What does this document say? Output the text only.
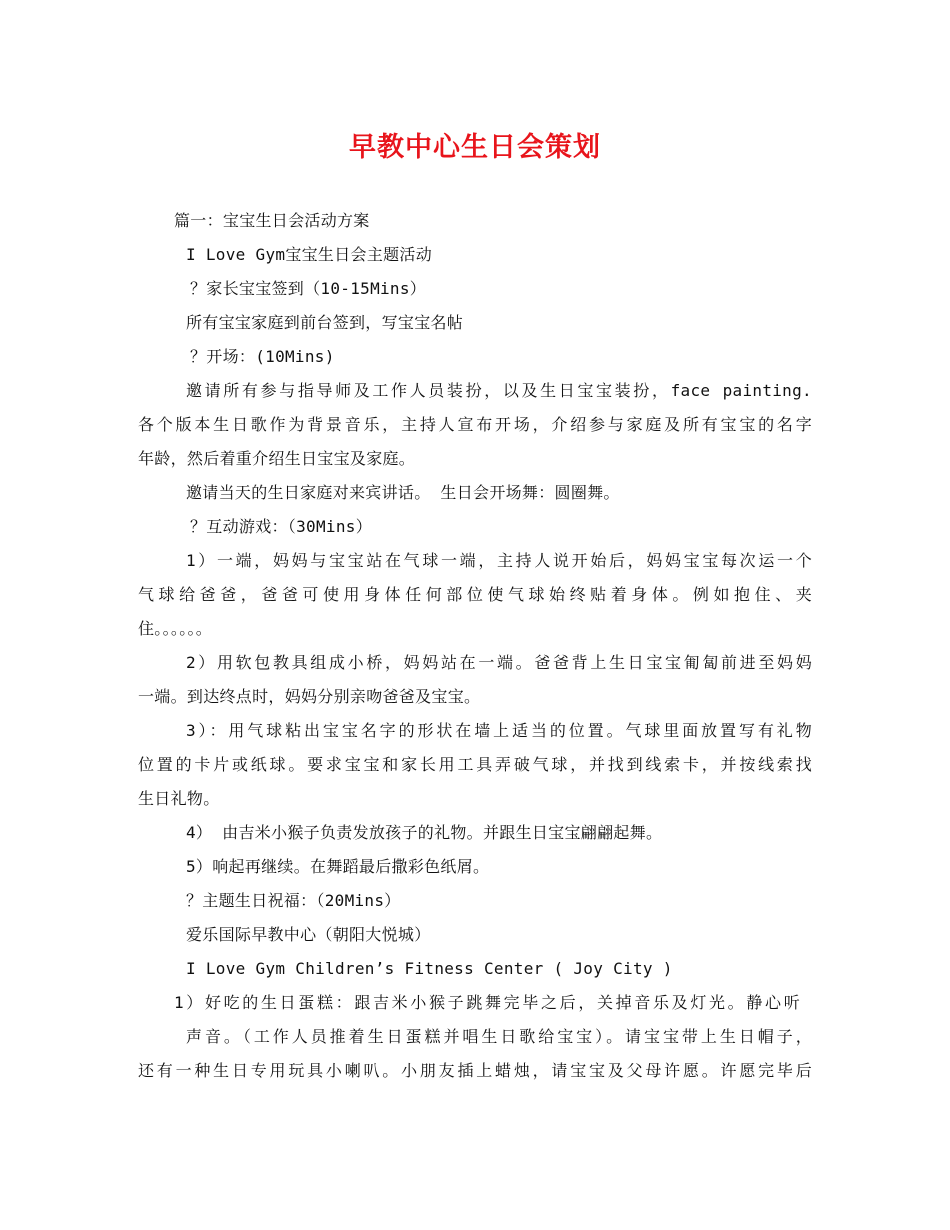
早教中心生日会策划
篇一：宝宝生日会活动方案
I Love Gym宝宝生日会主题活动
？家长宝宝签到（10-15Mins）
所有宝宝家庭到前台签到，写宝宝名帖
？开场：(10Mins)
邀请所有参与指导师及工作人员装扮，以及生日宝宝装扮，face painting.
各个版本生日歌作为背景音乐，主持人宣布开场，介绍参与家庭及所有宝宝的名字
年龄，然后着重介绍生日宝宝及家庭。
邀请当天的生日家庭对来宾讲话。 生日会开场舞：圆圈舞。
？互动游戏：（30Mins）
1）一端，妈妈与宝宝站在气球一端，主持人说开始后，妈妈宝宝每次运一个
气球给爸爸，爸爸可使用身体任何部位使气球始终贴着身体。例如抱住、夹
住。。。。。。
2）用软包教具组成小桥，妈妈站在一端。爸爸背上生日宝宝匍匐前进至妈妈
一端。到达终点时，妈妈分别亲吻爸爸及宝宝。
3）：用气球粘出宝宝名字的形状在墙上适当的位置。气球里面放置写有礼物
位置的卡片或纸球。要求宝宝和家长用工具弄破气球，并找到线索卡，并按线索找
生日礼物。
4） 由吉米小猴子负责发放孩子的礼物。并跟生日宝宝翩翩起舞。
5）响起再继续。在舞蹈最后撒彩色纸屑。
？主题生日祝福：（20Mins）
爱乐国际早教中心（朝阳大悦城）
I Love Gym Children’s Fitness Center ( Joy City )
1）好吃的生日蛋糕：跟吉米小猴子跳舞完毕之后，关掉音乐及灯光。静心听
声音。（工作人员推着生日蛋糕并唱生日歌给宝宝）。请宝宝带上生日帽子，
还有一种生日专用玩具小喇叭。小朋友插上蜡烛，请宝宝及父母许愿。许愿完毕后
